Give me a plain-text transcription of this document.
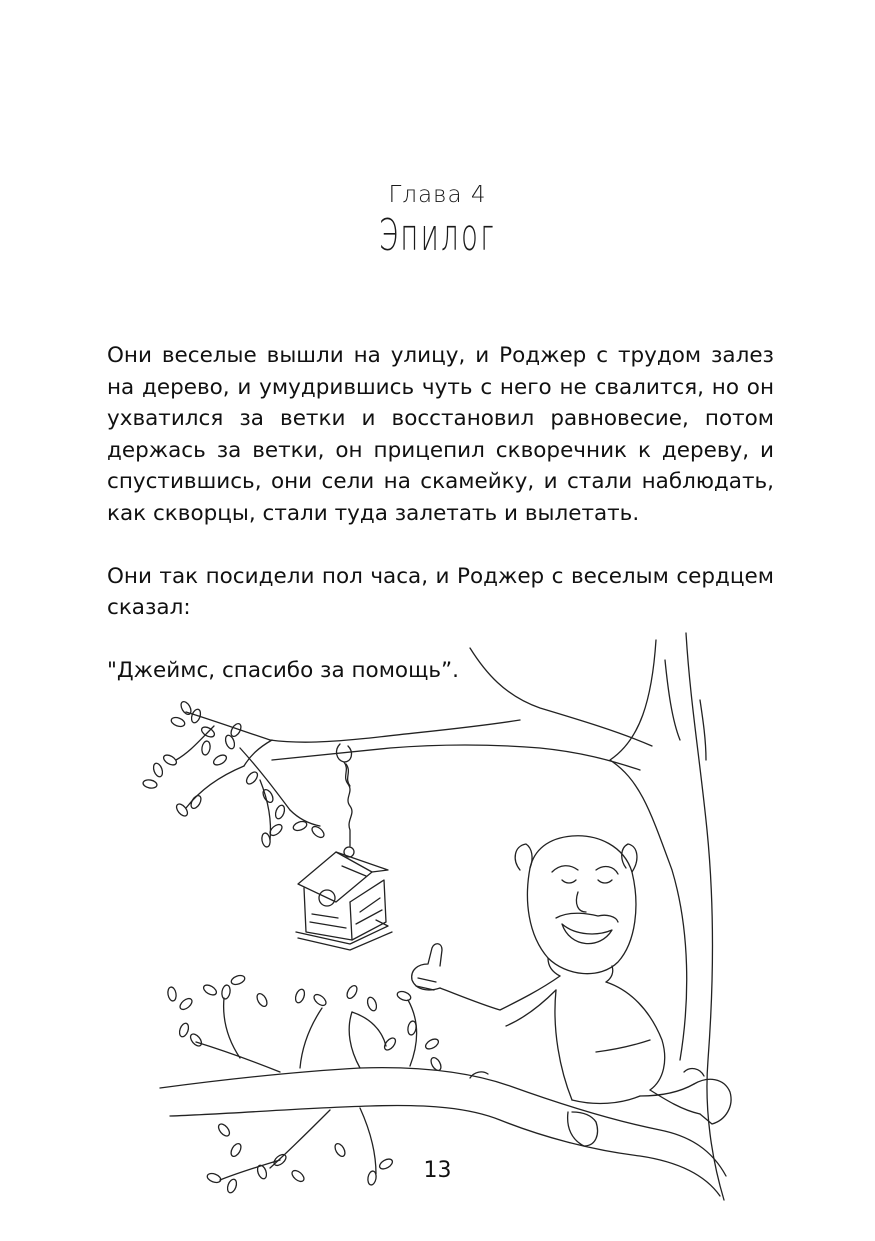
Глава 4
Эпилог

Они веселые вышли на улицу, и Роджер с трудом залез на дерево, и умудрившись чуть с него не свалится, но он ухватился за ветки и восстановил равновесие, потом держась за ветки, он прицепил скворечник к дереву, и спустившись, они сели на скамейку, и стали наблюдать, как скворцы, стали туда залетать и вылетать.

Они так посидели пол часа, и Роджер с веселым сердцем сказал:

"Джеймс, спасибо за помощь”.

13
